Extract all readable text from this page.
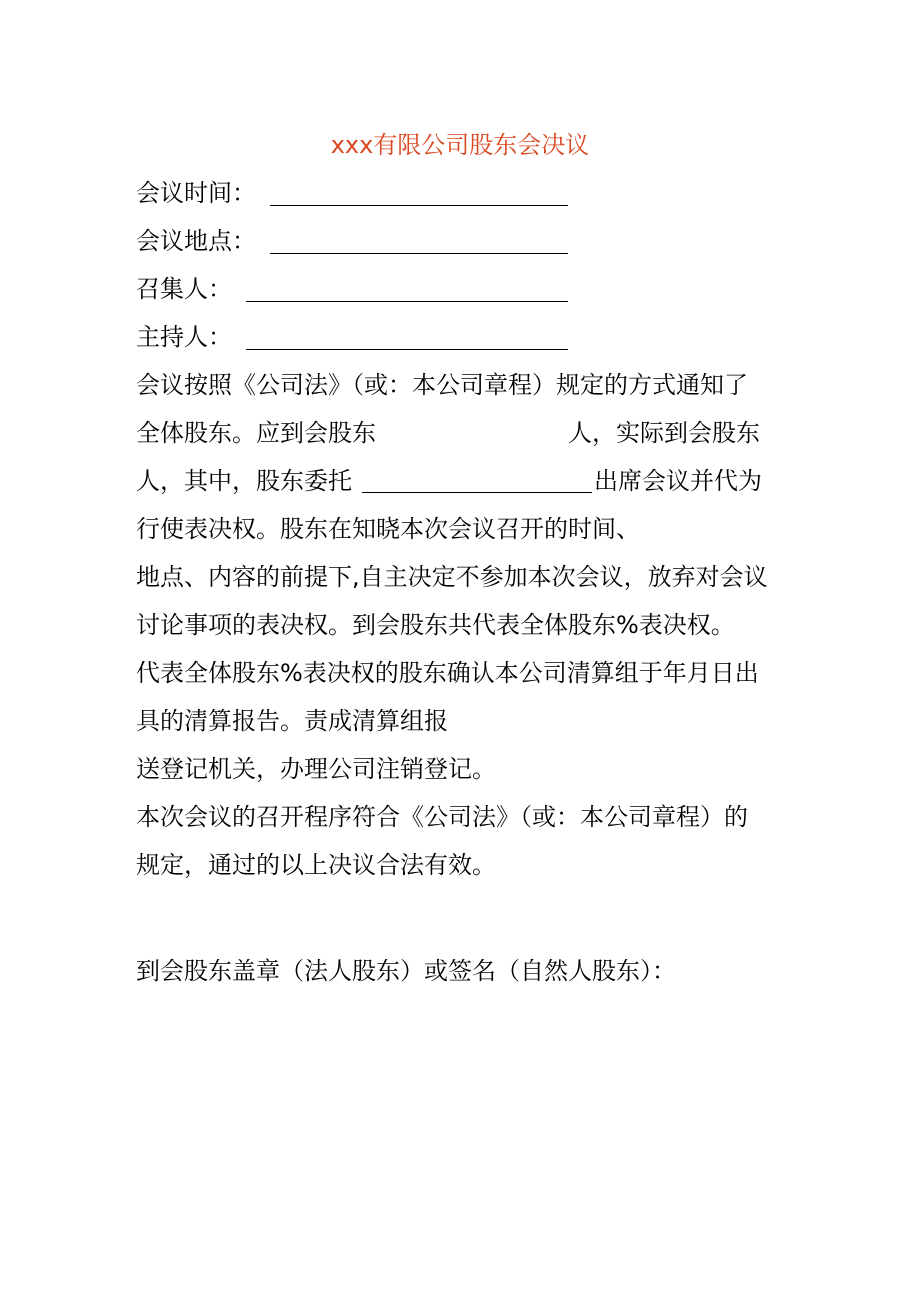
xxx有限公司股东会决议
会议时间：
会议地点：
召集人：
主持人：
会议按照《公司法》（或：本公司章程）规定的方式通知了
全体股东。应到会股东	人，实际到会股东
人，其中，股东委托	出席会议并代为
行使表决权。股东在知晓本次会议召开的时间、
地点、内容的前提下,自主决定不参加本次会议，放弃对会议
讨论事项的表决权。到会股东共代表全体股东%表决权。
代表全体股东%表决权的股东确认本公司清算组于年月日出
具的清算报告。责成清算组报
送登记机关，办理公司注销登记。
本次会议的召开程序符合《公司法》（或：本公司章程）的
规定，通过的以上决议合法有效。
到会股东盖章（法人股东）或签名（自然人股东）：
